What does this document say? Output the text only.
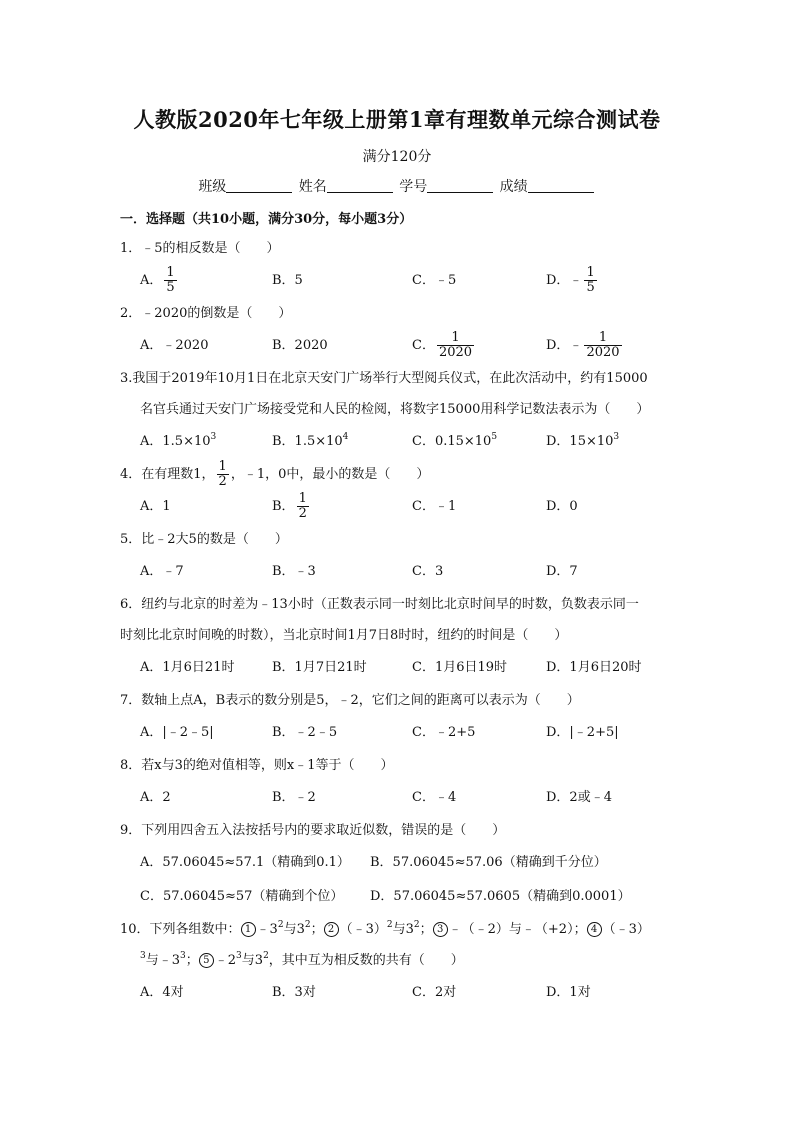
人教版2020年七年级上册第1章有理数单元综合测试卷
满分120分
班级	姓名	学号	成绩
一．选择题（共10小题，满分30分，每小题3分）
1．﹣5的相反数是（　　）
A． $\frac{1}{5}$	B．5	C．﹣5	D．﹣ $\frac{1}{5}$
2．﹣2020的倒数是（　　）
A．﹣2020	B．2020	C． $\frac{1}{2020}$	D．﹣ $\frac{1}{2020}$
3.我国于2019年10月1日在北京天安门广场举行大型阅兵仪式，在此次活动中，约有15000
名官兵通过天安门广场接受党和人民的检阅，将数字15000用科学记数法表示为（　　）
A．$1.5\times 10^3$	B．$1.5\times 10^4$	C．$0.15\times 10^5$	D．$15\times 10^3$
4．在有理数1， $\frac{1}{2}$ ，﹣1，0中，最小的数是（　　）
A．1	B． $\frac{1}{2}$	C．﹣1	D．0
5．比﹣2大5的数是（　　）
A．﹣7	B．﹣3	C．3	D．7
6．纽约与北京的时差为﹣13小时（正数表示同一时刻比北京时间早的时数，负数表示同一
时刻比北京时间晚的时数），当北京时间1月7日8时时，纽约的时间是（　　）
A．1月6日21时	B．1月7日21时	C．1月6日19时	D．1月6日20时
7．数轴上点A，B表示的数分别是5，﹣2，它们之间的距离可以表示为（　　）
A．|﹣2﹣5|	B．﹣2﹣5	C．﹣2+5	D．|﹣2+5|
8．若x与3的绝对值相等，则x﹣1等于（　　）
A．2	B．﹣2	C．﹣4	D．2或﹣4
9．下列用四舍五入法按括号内的要求取近似数，错误的是（　　）
A．57.06045≈57.1（精确到0.1） B．57.06045≈57.06（精确到千分位）
C．57.06045≈57（精确到个位） D．57.06045≈57.0605（精确到0.0001）
10．下列各组数中： 1 $﹣3^2$与$3^2$； 2 （﹣3）$^2$与$3^2$； 3 ﹣（﹣2）与﹣（+2）； 4 （﹣3）
$^3$与$﹣3^3$； 5 $﹣2^3$与$3^2$，其中互为相反数的共有（　　）
A．4对	B．3对	C．2对	D．1对
